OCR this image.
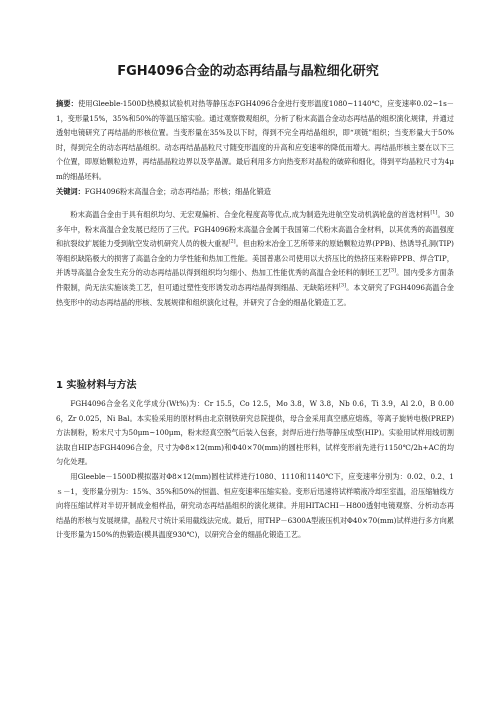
FGH4096合金的动态再结晶与晶粒细化研究

摘要：使用Gleeble-1500D热模拟试验机对热等静压态FGH4096合金进行变形温度1080~1140℃，应变速率0.02~1s－1，变形量15%，35%和50%的等温压缩实验。通过观察微观组织，分析了粉末高温合金动态再结晶的组织演化规律，并通过透射电镜研究了再结晶的形核位置。当变形量在35%及以下时，得到不完全再结晶组织，即“项链”组织；当变形量大于50%时，得到完全的动态再结晶组织。动态再结晶晶粒尺寸随变形温度的升高和应变速率的降低而增大。再结晶形核主要在以下三个位置，即原始颗粒边界，再结晶晶粒边界以及孪晶源。最后利用多方向热变形对晶粒的破碎和细化，得到平均晶粒尺寸为4μm的细晶坯料。

关键词：FGH4096粉末高温合金；动态再结晶；形核；细晶化锻造

粉末高温合金由于具有组织均匀、无宏观偏析、合金化程度高等优点,成为制造先进航空发动机涡轮盘的首选材料[1]。30多年中，粉末高温合金发展已经历了三代。FGH4096粉末高温合金属于我国第二代粉末高温合金材料，以其优秀的高温强度和抗裂纹扩展能力受到航空发动机研究人员的极大重视[2]。但由粉末冶金工艺所带来的原始颗粒边界(PPB)、热诱导孔洞(TIP)等组织缺陷极大的损害了高温合金的力学性能和热加工性能。美国普惠公司使用以大挤压比的热挤压来粉碎PPB、焊合TIP，并诱导高温合金发生充分的动态再结晶以得到组织均匀细小、热加工性能优秀的高温合金坯料的制坯工艺[3]。国内受多方面条件限制，尚无法实施该类工艺，但可通过塑性变形诱发动态再结晶得到细晶、无缺陷坯料[3]。本文研究了FGH4096高温合金热变形中的动态再结晶的形核、发展规律和组织演化过程，并研究了合金的细晶化锻造工艺。
1 实验材料与方法

FGH4096合金名义化学成分(Wt%)为：Cr 15.5，Co 12.5，Mo 3.8，W 3.8，Nb 0.6，Ti 3.9，Al 2.0，B 0.006，Zr 0.025，Ni Bal。本实验采用的原材料由北京钢铁研究总院提供，母合金采用真空感应熔炼，等离子旋转电极(PREP)方法制粉，粉末尺寸为50μm~100μm，粉末经真空脱气后装入包套，封焊后进行热等静压成型(HIP)。实验用试样用线切割法取自HIP态FGH4096合金，尺寸为Φ8×12(mm)和Φ40×70(mm)的圆柱形料，试样变形前先进行1150℃/2h+AC的均匀化处理。

用Gleeble－1500D模拟器对Φ8×12(mm)圆柱试样进行1080、1110和1140℃下，应变速率分别为：0.02、0.2、1ｓ－1，变形量分别为：15%、35%和50%的恒温、恒应变速率压缩实验。变形后迅速将试样喷液冷却至室温，沿压缩轴线方向将压缩试样对半切开制成金相样品，研究动态再结晶组织的演化规律。并用HITACHI－H800透射电镜观察、分析动态再结晶的形核与发展规律，晶粒尺寸统计采用截线法完成。最后，用THP－6300A型液压机对Φ40×70(mm)试样进行多方向累计变形量为150%的热锻造(模具温度930℃)，以研究合金的细晶化锻造工艺。
